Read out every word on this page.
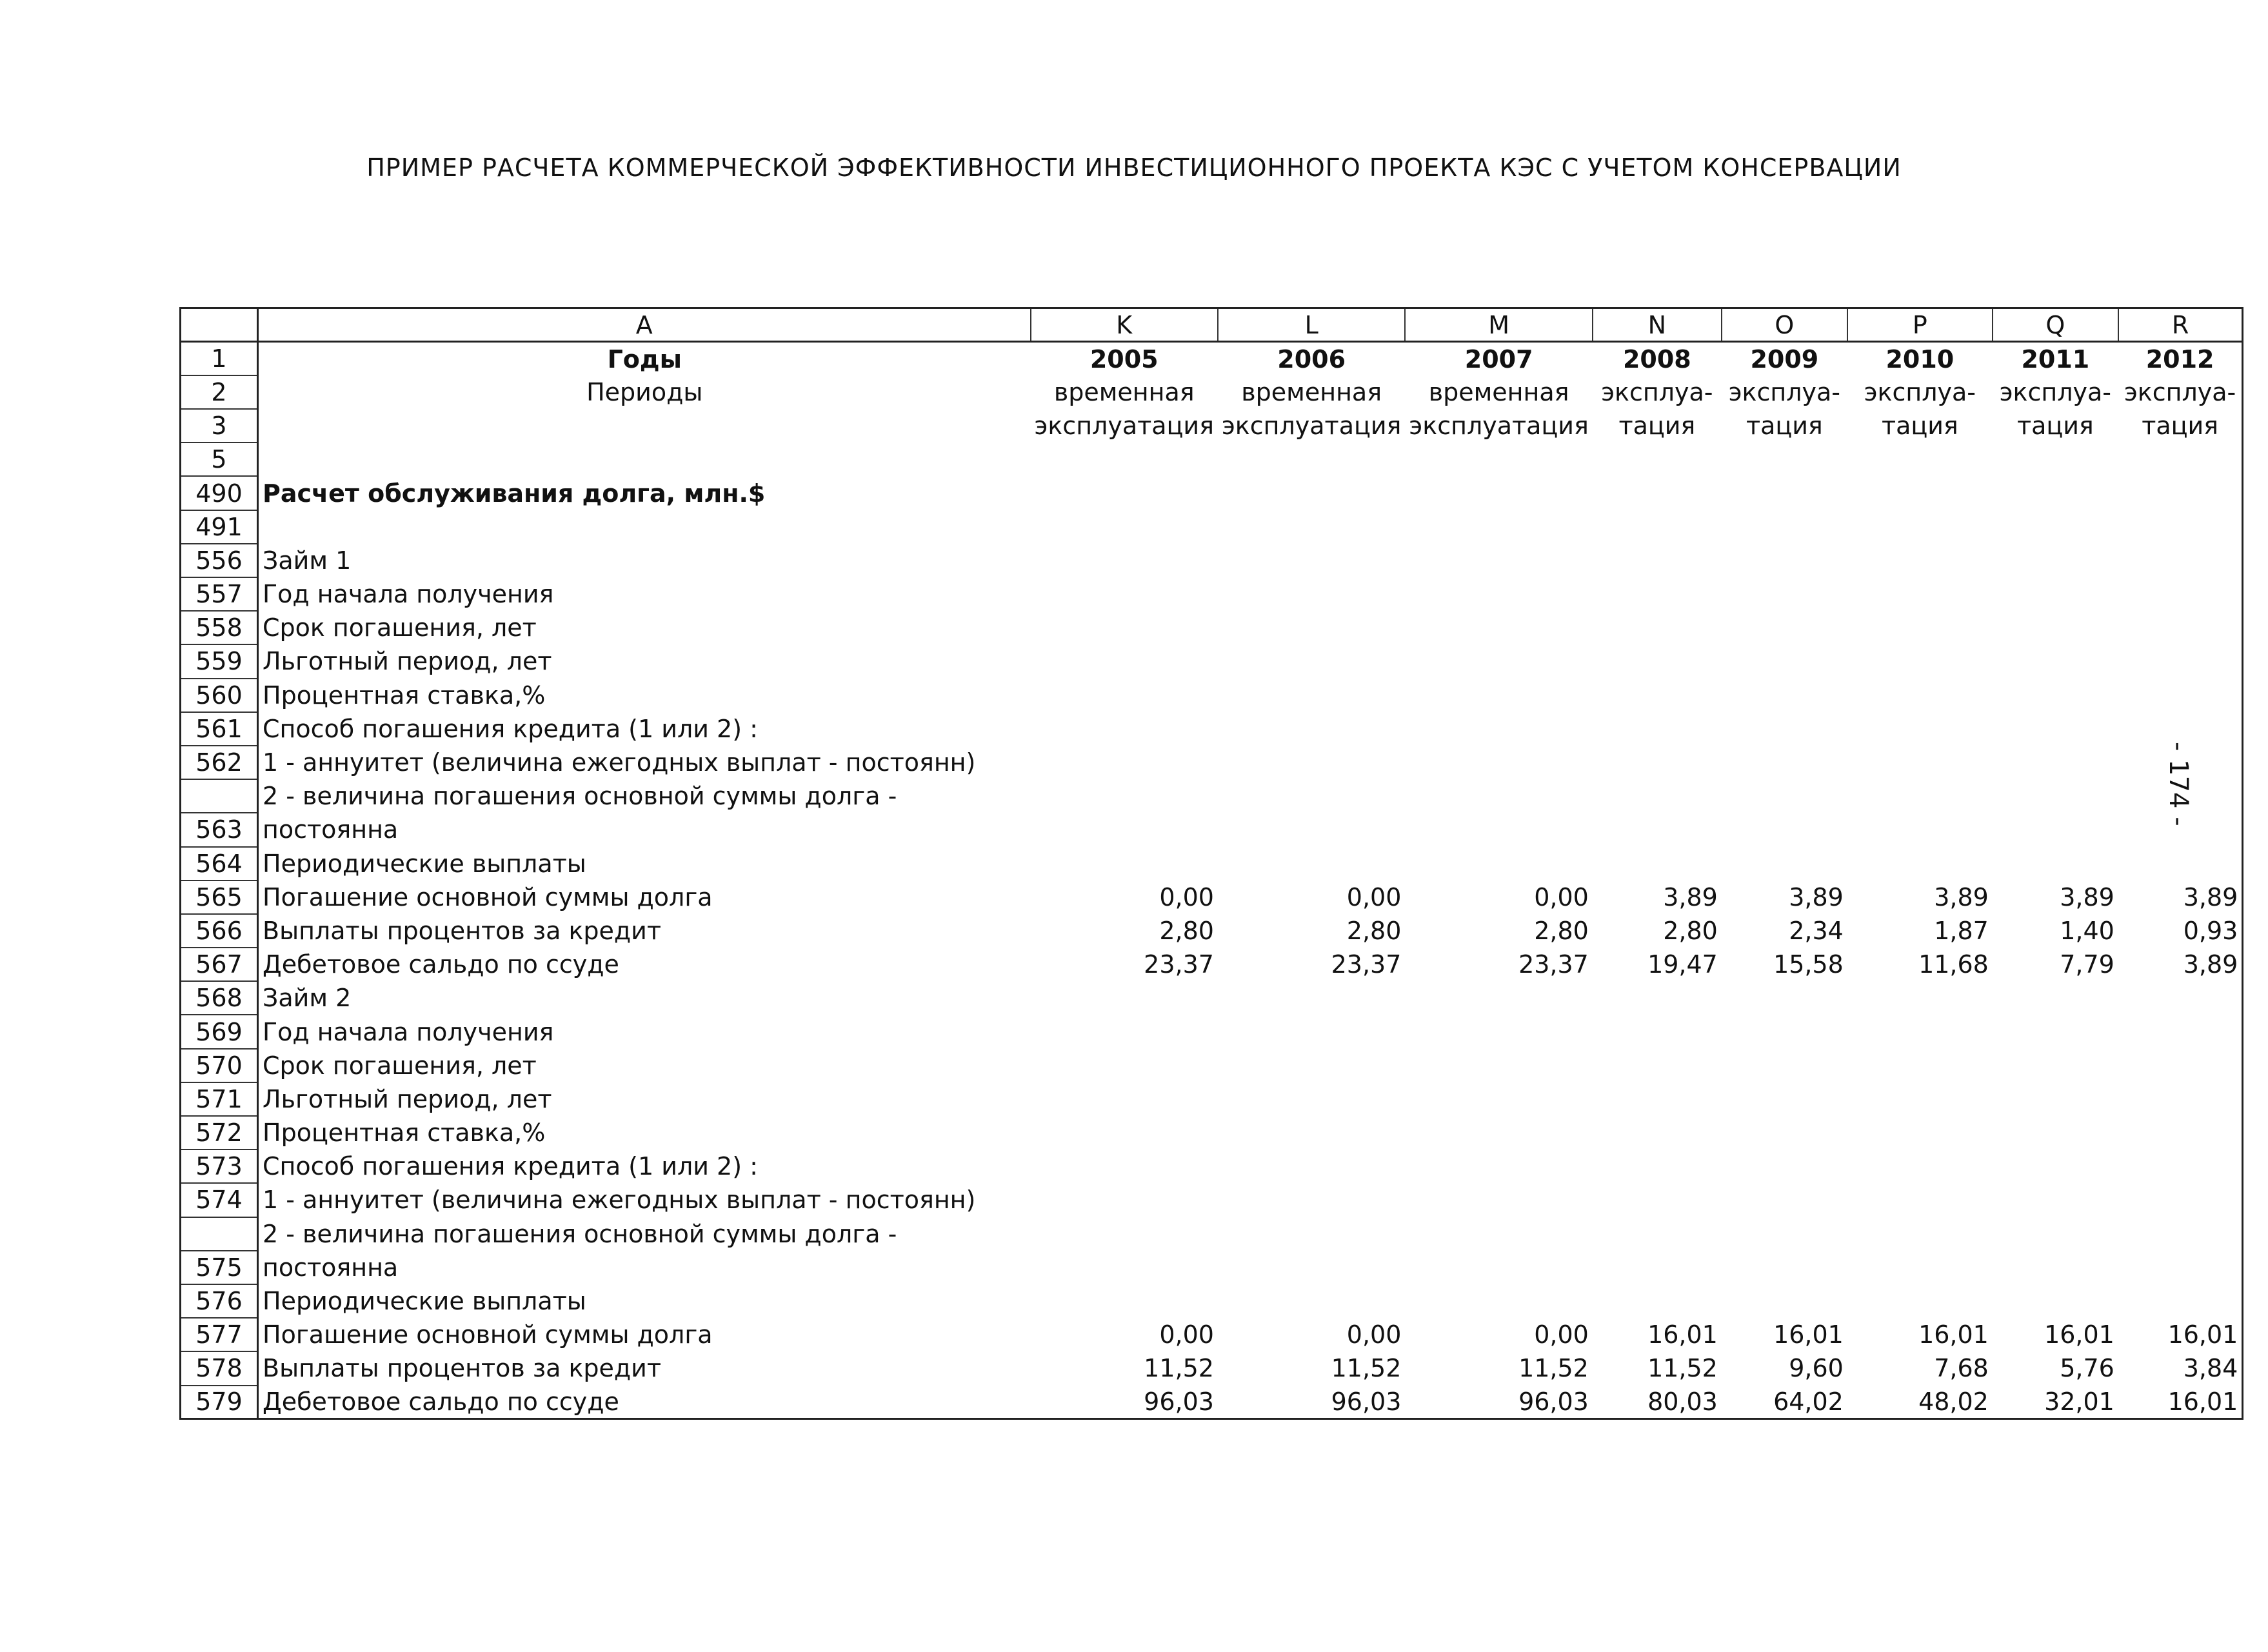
ПРИМЕР РАСЧЕТА КОММЕРЧЕСКОЙ ЭФФЕКТИВНОСТИ ИНВЕСТИЦИОННОГО ПРОЕКТА КЭС С УЧЕТОМ КОНСЕРВАЦИИ
- 174 -
	A	K	L	M	N	O	P	Q	R
1	Годы	2005	2006	2007	2008	2009	2010	2011	2012
2	Периоды	временная	временная	временная	эксплуа-	эксплуа-	эксплуа-	эксплуа-	эксплуа-
3		эксплуатация	эксплуатация	эксплуатация	тация	тация	тация	тация	тация
5									
490	Расчет обслуживания долга, млн.$								
491									
556	Займ 1								
557	Год начала получения								
558	Срок погашения, лет								
559	Льготный период, лет								
560	Процентная ставка,%								
561	Способ погашения кредита (1 или 2) :								
562	1 - аннуитет (величина ежегодных выплат - постоянн)								
	2 - величина погашения основной суммы долга -								
563	постоянна								
564	Периодические выплаты								
565	Погашение основной суммы долга	0,00	0,00	0,00	3,89	3,89	3,89	3,89	3,89
566	Выплаты процентов за кредит	2,80	2,80	2,80	2,80	2,34	1,87	1,40	0,93
567	Дебетовое сальдо по ссуде	23,37	23,37	23,37	19,47	15,58	11,68	7,79	3,89
568	Займ 2								
569	Год начала получения								
570	Срок погашения, лет								
571	Льготный период, лет								
572	Процентная ставка,%								
573	Способ погашения кредита (1 или 2) :								
574	1 - аннуитет (величина ежегодных выплат - постоянн)								
	2 - величина погашения основной суммы долга -								
575	постоянна								
576	Периодические выплаты								
577	Погашение основной суммы долга	0,00	0,00	0,00	16,01	16,01	16,01	16,01	16,01
578	Выплаты процентов за кредит	11,52	11,52	11,52	11,52	9,60	7,68	5,76	3,84
579	Дебетовое сальдо по ссуде	96,03	96,03	96,03	80,03	64,02	48,02	32,01	16,01
